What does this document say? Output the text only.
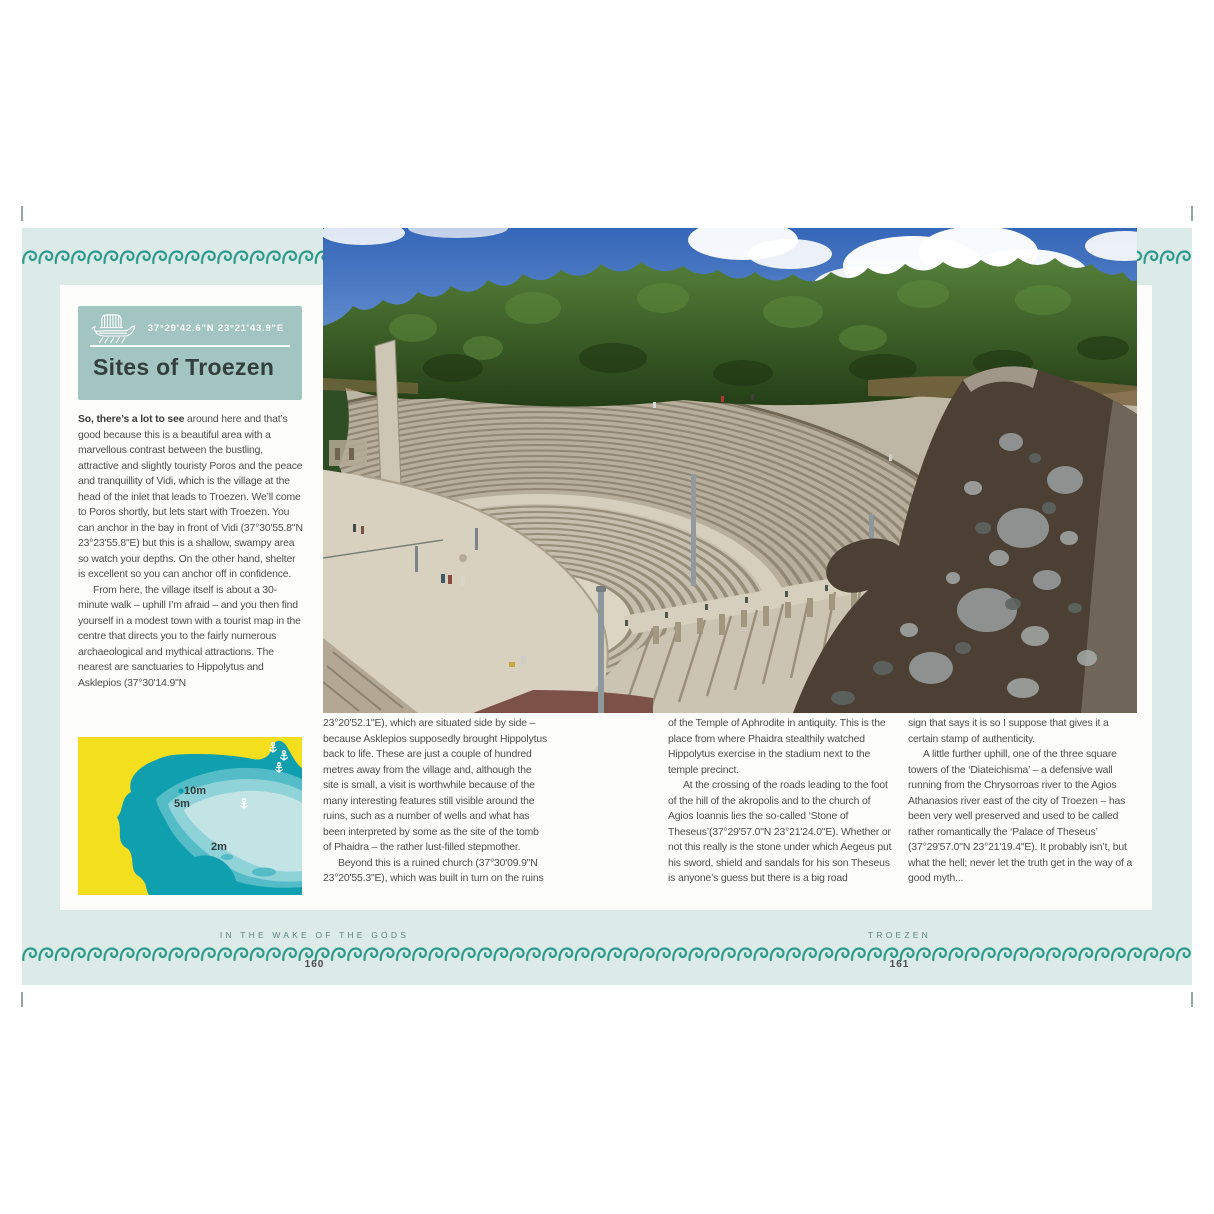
37°29'42.6"N 23°21'43.9"E
Sites of Troezen

So, there’s a lot to see around here and that’s good because this is a beautiful area with a marvellous contrast between the bustling, attractive and slightly touristy Poros and the peace and tranquillity of Vidi, which is the village at the head of the inlet that leads to Troezen. We’ll come to Poros shortly, but lets start with Troezen. You can anchor in the bay in front of Vidi (37°30'55.8"N 23°23'55.8"E) but this is a shallow, swampy area so watch your depths. On the other hand, shelter is excellent so you can anchor off in confidence.

From here, the village itself is about a 30-minute walk – uphill I’m afraid – and you then find yourself in a modest town with a tourist map in the centre that directs you to the fairly numerous archaeological and mythical attractions. The nearest are sanctuaries to Hippolytus and Asklepios (37°30'14.9"N

10m
5m
2m

23°20'52.1"E), which are situated side by side – because Asklepios supposedly brought Hippolytus back to life. These are just a couple of hundred metres away from the village and, although the site is small, a visit is worthwhile because of the many interesting features still visible around the ruins, such as a number of wells and what has been interpreted by some as the site of the tomb of Phaidra – the rather lust-filled stepmother.

Beyond this is a ruined church (37°30'09.9"N 23°20'55.3"E), which was built in turn on the ruins

of the Temple of Aphrodite in antiquity. This is the place from where Phaidra stealthily watched Hippolytus exercise in the stadium next to the temple precinct.

At the crossing of the roads leading to the foot of the hill of the akropolis and to the church of Agios Ioannis lies the so-called ‘Stone of Theseus’(37°29'57.0"N 23°21'24.0"E). Whether or not this really is the stone under which Aegeus put his sword, shield and sandals for his son Theseus is anyone’s guess but there is a big road

sign that says it is so I suppose that gives it a certain stamp of authenticity.

A little further uphill, one of the three square towers of the ‘Diateichisma’ – a defensive wall running from the Chrysorroas river to the Agios Athanasios river east of the city of Troezen – has been very well preserved and used to be called rather romantically the ‘Palace of Theseus’ (37°29'57.0"N 23°21'19.4"E). It probably isn’t, but what the hell; never let the truth get in the way of a good myth...

IN THE WAKE OF THE GODS	TROEZEN
160	161
